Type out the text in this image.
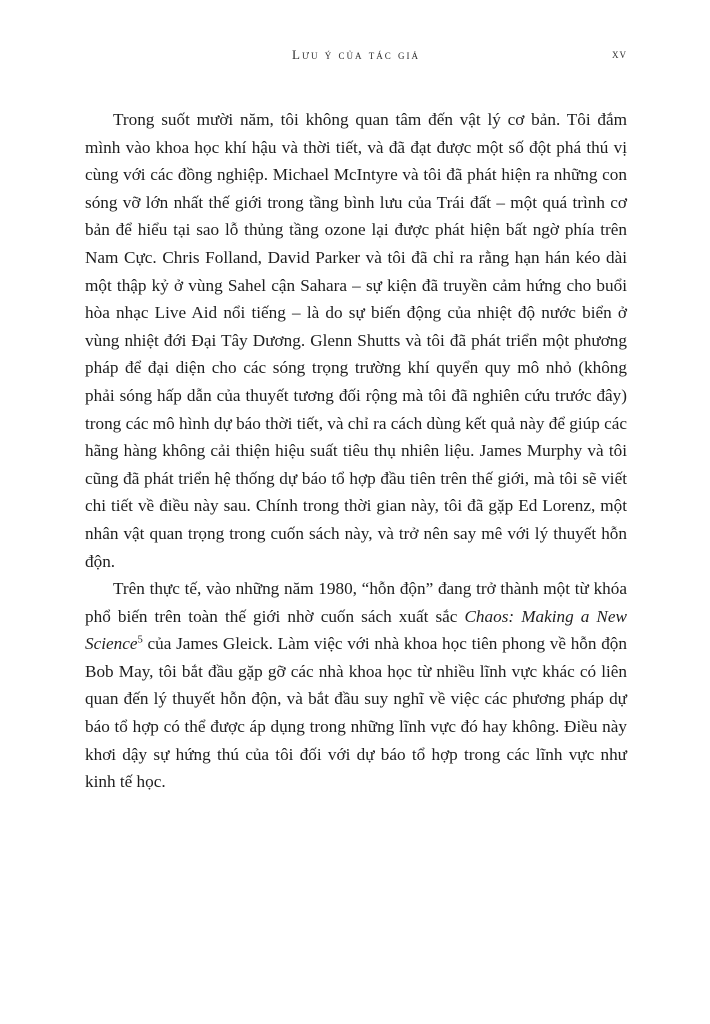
Lưu ý của tác giả	xv

Trong suốt mười năm, tôi không quan tâm đến vật lý cơ bản. Tôi đắm mình vào khoa học khí hậu và thời tiết, và đã đạt được một số đột phá thú vị cùng với các đồng nghiệp. Michael McIntyre và tôi đã phát hiện ra những con sóng vỡ lớn nhất thế giới trong tầng bình lưu của Trái đất – một quá trình cơ bản để hiểu tại sao lỗ thủng tầng ozone lại được phát hiện bất ngờ phía trên Nam Cực. Chris Folland, David Parker và tôi đã chỉ ra rằng hạn hán kéo dài một thập kỷ ở vùng Sahel cận Sahara – sự kiện đã truyền cảm hứng cho buổi hòa nhạc Live Aid nổi tiếng – là do sự biến động của nhiệt độ nước biển ở vùng nhiệt đới Đại Tây Dương. Glenn Shutts và tôi đã phát triển một phương pháp để đại diện cho các sóng trọng trường khí quyển quy mô nhỏ (không phải sóng hấp dẫn của thuyết tương đối rộng mà tôi đã nghiên cứu trước đây) trong các mô hình dự báo thời tiết, và chỉ ra cách dùng kết quả này để giúp các hãng hàng không cải thiện hiệu suất tiêu thụ nhiên liệu. James Murphy và tôi cũng đã phát triển hệ thống dự báo tổ hợp đầu tiên trên thế giới, mà tôi sẽ viết chi tiết về điều này sau. Chính trong thời gian này, tôi đã gặp Ed Lorenz, một nhân vật quan trọng trong cuốn sách này, và trở nên say mê với lý thuyết hỗn độn.

Trên thực tế, vào những năm 1980, “hỗn độn” đang trở thành một từ khóa phổ biến trên toàn thế giới nhờ cuốn sách xuất sắc Chaos: Making a New Science$^5$ của James Gleick. Làm việc với nhà khoa học tiên phong về hỗn độn Bob May, tôi bắt đầu gặp gỡ các nhà khoa học từ nhiều lĩnh vực khác có liên quan đến lý thuyết hỗn độn, và bắt đầu suy nghĩ về việc các phương pháp dự báo tổ hợp có thể được áp dụng trong những lĩnh vực đó hay không. Điều này khơi dậy sự hứng thú của tôi đối với dự báo tổ hợp trong các lĩnh vực như kinh tế học.
